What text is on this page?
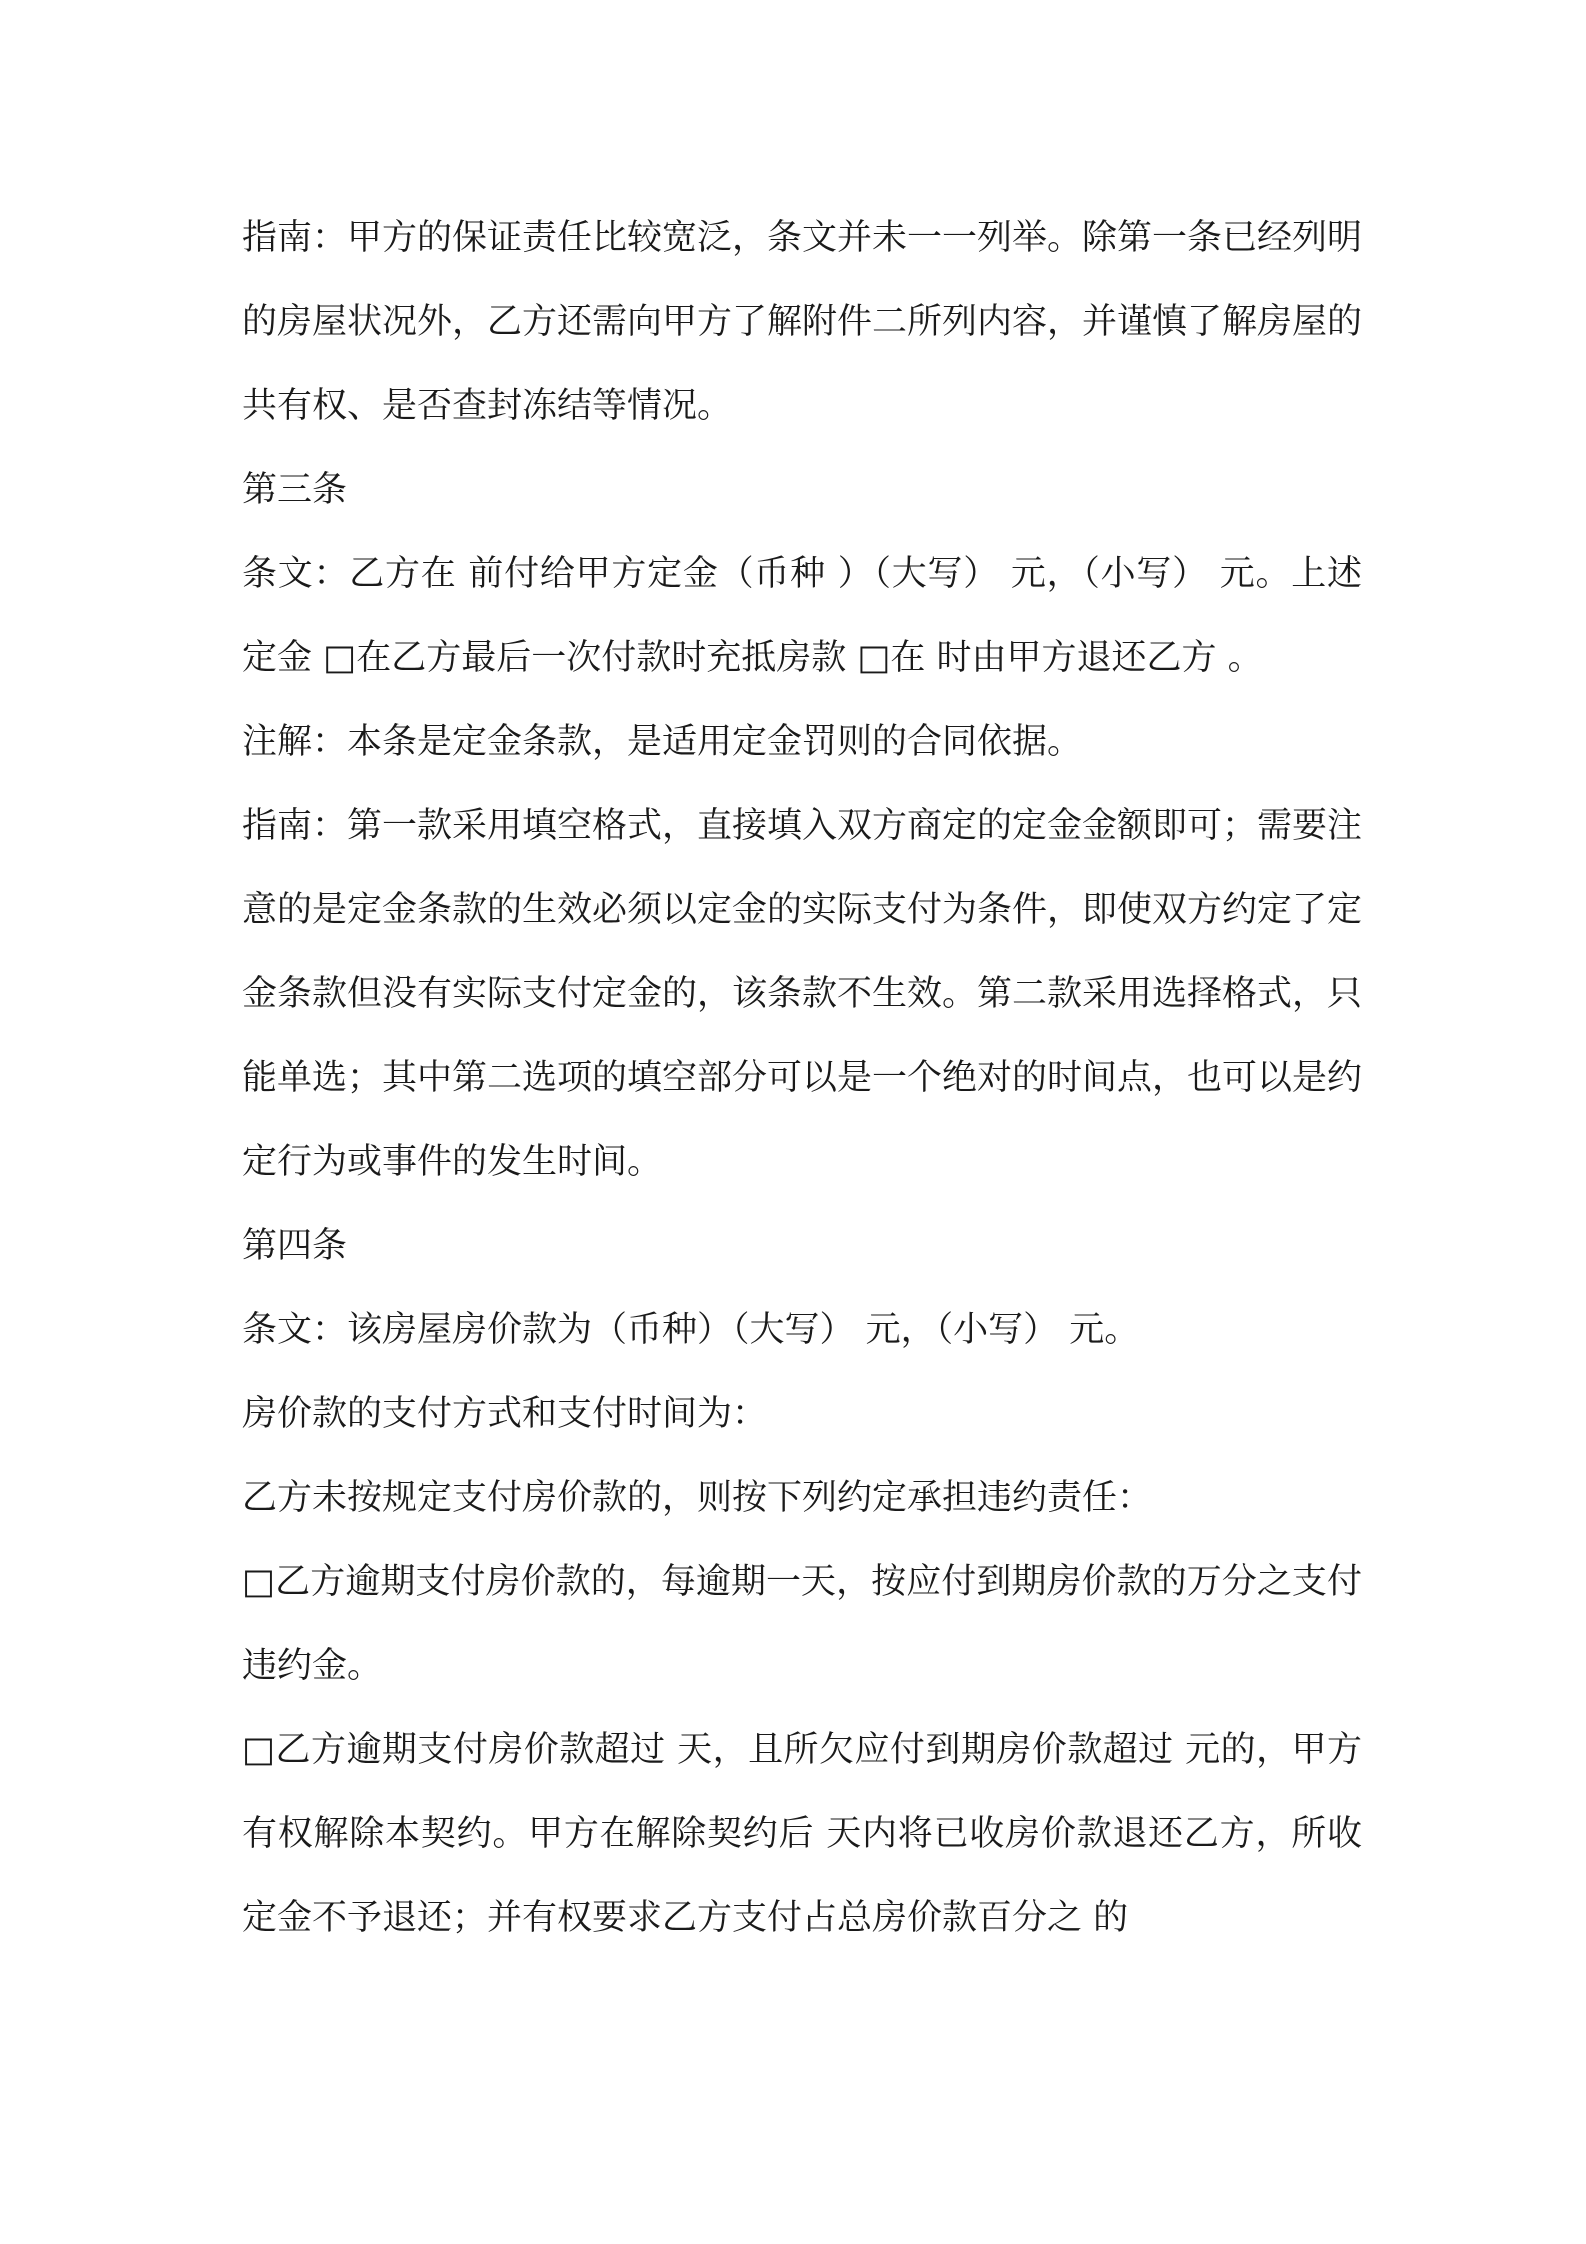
指南：甲方的保证责任比较宽泛，条文并未一一列举。除第一条已经列明的房屋状况外，乙方还需向甲方了解附件二所列内容，并谨慎了解房屋的共有权、是否查封冻结等情况。

第三条

条文：乙方在 前付给甲方定金（币种 ）（大写） 元，（小写） 元。上述定金 □在乙方最后一次付款时充抵房款 □在 时由甲方退还乙方 。

注解：本条是定金条款，是适用定金罚则的合同依据。

指南：第一款采用填空格式，直接填入双方商定的定金金额即可；需要注意的是定金条款的生效必须以定金的实际支付为条件，即使双方约定了定金条款但没有实际支付定金的，该条款不生效。第二款采用选择格式，只能单选；其中第二选项的填空部分可以是一个绝对的时间点，也可以是约定行为或事件的发生时间。

第四条

条文：该房屋房价款为（币种）（大写） 元，（小写） 元。

房价款的支付方式和支付时间为：

乙方未按规定支付房价款的，则按下列约定承担违约责任：

□乙方逾期支付房价款的，每逾期一天，按应付到期房价款的万分之支付违约金。

□乙方逾期支付房价款超过 天，且所欠应付到期房价款超过 元的，甲方有权解除本契约。甲方在解除契约后 天内将已收房价款退还乙方，所收定金不予退还；并有权要求乙方支付占总房价款百分之 的
